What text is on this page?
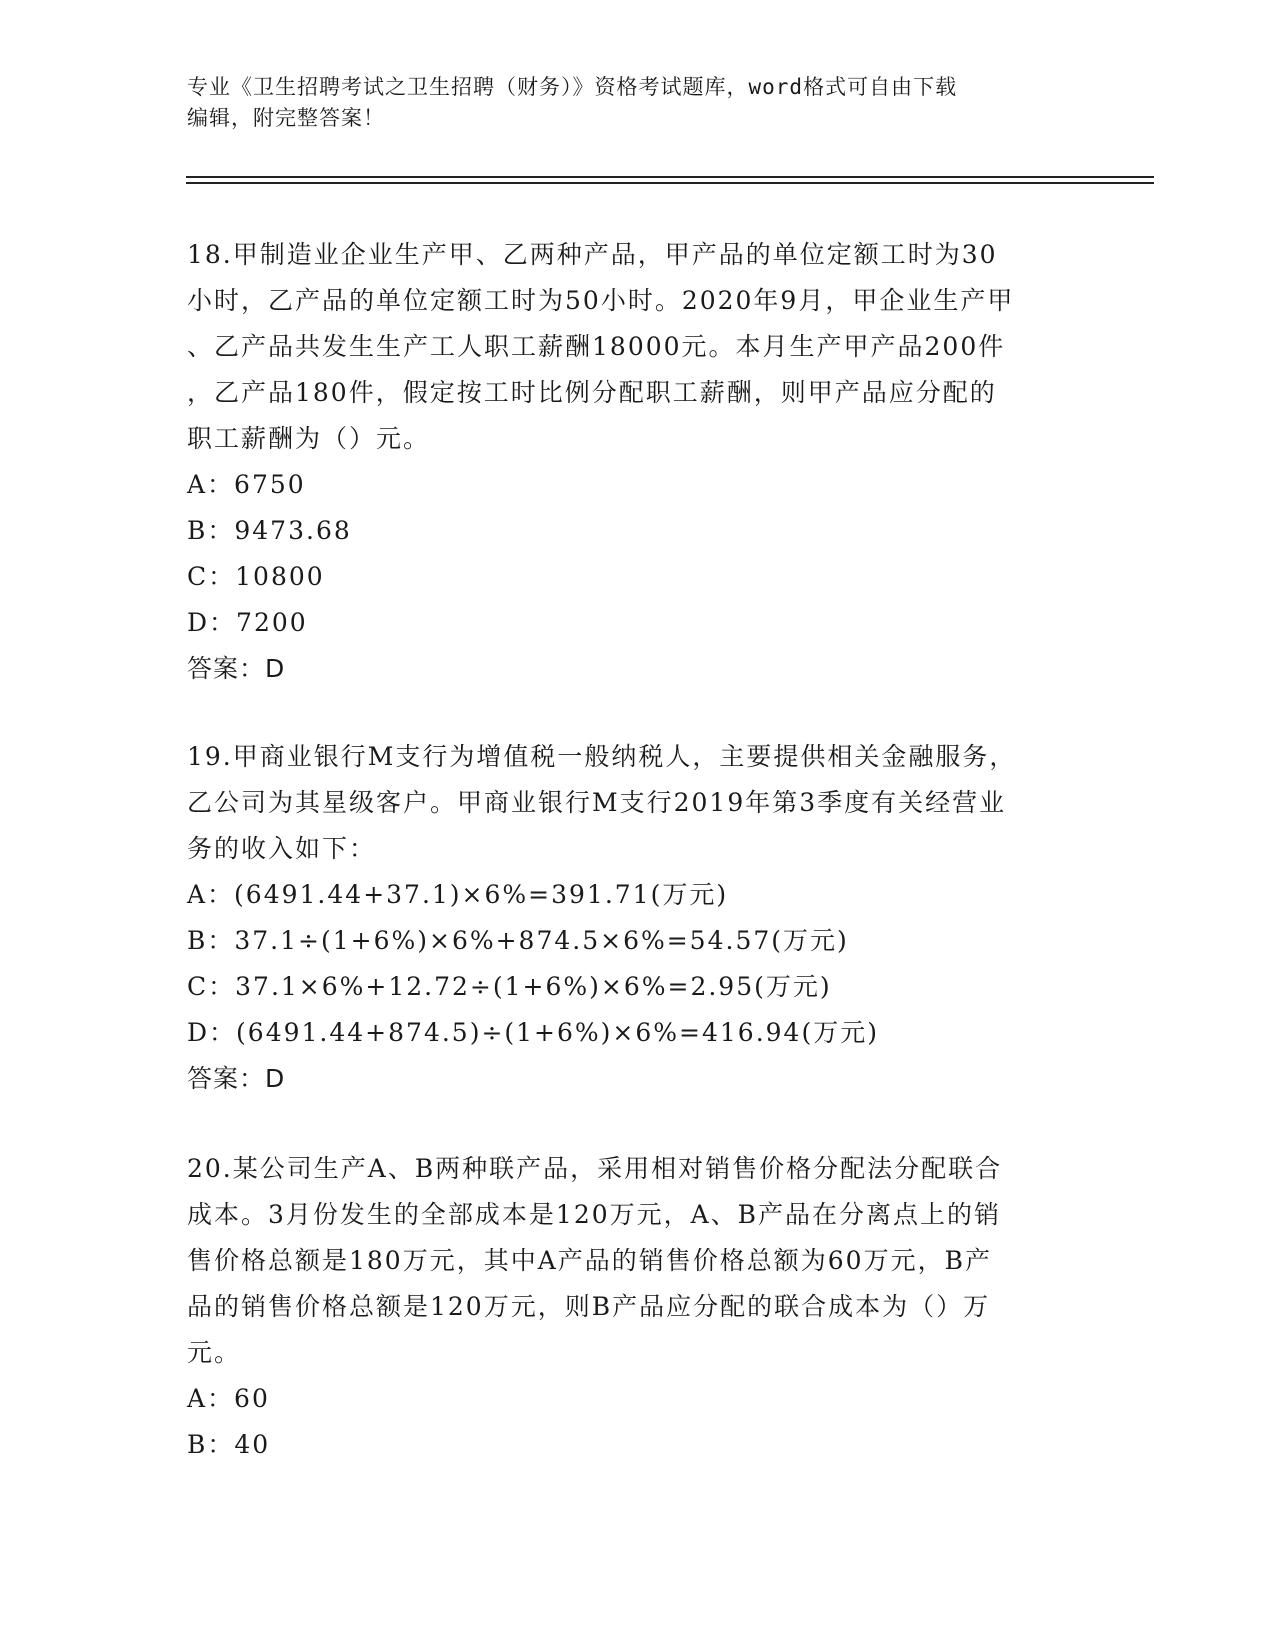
专业《卫生招聘考试之卫生招聘（财务）》资格考试题库，word格式可自由下载

编辑，附完整答案！

18.甲制造业企业生产甲、乙两种产品，甲产品的单位定额工时为30

小时，乙产品的单位定额工时为50小时。2020年9月，甲企业生产甲

、乙产品共发生生产工人职工薪酬18000元。本月生产甲产品200件

，乙产品180件，假定按工时比例分配职工薪酬，则甲产品应分配的

职工薪酬为（）元。

A：6750

B：9473.68

C：10800

D：7200

答案：D

19.甲商业银行M支行为增值税一般纳税人，主要提供相关金融服务，

乙公司为其星级客户。甲商业银行M支行2019年第3季度有关经营业

务的收入如下：

A：(6491.44+37.1)×6%=391.71(万元)

B：37.1÷(1+6%)×6%+874.5×6%=54.57(万元)

C：37.1×6%+12.72÷(1+6%)×6%=2.95(万元)

D：(6491.44+874.5)÷(1+6%)×6%=416.94(万元)

答案：D

20.某公司生产A、B两种联产品，采用相对销售价格分配法分配联合

成本。3月份发生的全部成本是120万元，A、B产品在分离点上的销

售价格总额是180万元，其中A产品的销售价格总额为60万元，B产

品的销售价格总额是120万元，则B产品应分配的联合成本为（）万

元。

A：60

B：40
